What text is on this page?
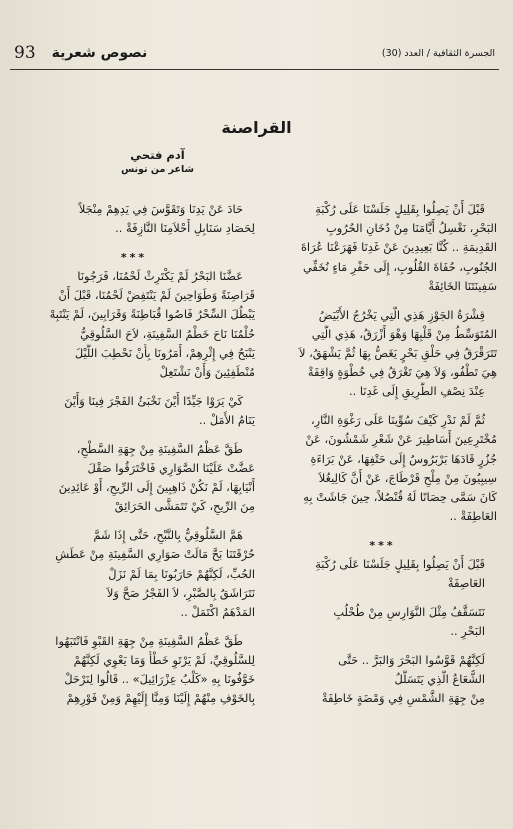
93 نصوص شعرية	الجسرة الثقافية / العدد (30)
القراصنة
آدم فتحي
شاعر من تونس
قَبْلَ أَنْ يَصِلُوا بِقَلِيلٍ جَلَسْنَا عَلَى رُكْبَةِ
البَحْرِ، نَغْسِلُ أَيَّامَنَا مِنْ دُخَانِ الحُرُوبِ
القَدِيمَةِ .. كُنَّا بَعِيدِينَ عَنْ غَدِنَا فَهَرَعْنَا عُرَاةَ
الجُنُوبِ، حُفَاةَ القُلُوبِ، إِلَى حَفْرِ مَاءٍ نُخَفِّي
سَفِينَتَنَا الخَائِفَةْ
قِشْرَةُ الجَوْزِ هَذِي الَّتِي يَخْرُجُ الأَبْيَضُ
المُتَوَسِّطُ مِنْ قَلْبِهَا وَهْوَ أَزْرَقُ، هَذِي الَّتِي
تَتَرَقْرَقُ فِي حَلْقِ بَحْرٍ يَغَصُّ بِهَا ثُمَّ يَشْهَقُ، لاَ
هِيَ تَطْفُو، وَلاَ هِيَ تَغْرَقُ فِي خُطْوَةٍ وَاقِفَةْ
عِنْدَ نِصْفِ الطَّرِيقِ إِلَى غَدِنَا ..
ثُمَّ لَمْ نَدْرِ كَيْفَ سُوِّينَا عَلَى رَغْوَةِ النَّارِ،
مُخْتَرِعِينَ أَسَاطِيرَ عَنْ شَعْرِ شَمْشُونَ، عَنْ
جُزُرٍ قَادَهَا بَرْبَرُوسُ إِلَى حَتْفِهَا، عَنْ بَرَاءَةِ
سِيبِيُونَ مِنْ مِلْحِ قَرْطَاجَ، عَنْ أَنَّ كَالِيغُلاَ
كَانَ سَمَّى حِصَانًا لَهُ قُنْصُلاً، حِينَ جَاشَتْ بِهِ
العَاطِفَةْ ..
***
قَبْلَ أَنْ يَصِلُوا بِقَلِيلٍ جَلَسْنَا عَلَى رُكْبَةِ
العَاصِفَةْ
نَتَسَقَّفُ مِثْلَ النَّوَارِسِ مِنْ طُحْلُبِ
البَحْرِ ..
لَكِنَّهُمْ قَوَّسُوا البَحْرَ وَالبَرَّ .. حَتَّى
الشُّعَاعُ الَّذِي يَتَسَلَّلُ
مِنْ جِهَةِ الشَّمْسِ فِي وَمْضَةٍ خَاطِفَةْ
حَادَ عَنْ يَدِنَا وَتَقَوَّسَ فِي يَدِهِمْ مِنْجَلاً
لِحَصَادِ سَنَابِلِ أَحْلاَمِنَا النَّازِفَةْ ..
***
عَضَّنَا البَحْرُ لَمْ يَكْتَرِثْ لَحْمُنَا، فَرَجُونَا
قَرَاصِنَةً وَطَوَاحِينَ لَمْ يَنْتَفِضْ لَحْمُنَا، قَبْلَ أَنْ
يَبْطُلَ السِّحْرُ فَاصُوا قُبَاطِنَةً وَقَرَابِينَ، لَمْ يَنْتَبِهْ
حُلْمُنَا نَاحَ خَطْمُ السَّفِينَةِ، لاَحَ السَّلُوقِيُّ
يَنْبَحُ فِي إِثْرِهِمْ، أَمَرُونَا بِأَنْ نَحْطِبَ اللَّيْلَ
مُنْطَفِئِينَ وَأَنْ نَشْتَعِلْ
كَيْ يَرَوْا جَيِّدًا أَيْنَ نَخْبَئُ الفَجْرَ فِينَا وَأَيْنَ
يَنَامُ الأَمَلْ ..
طَقَّ عَظْمُ السَّفِينَةِ مِنْ جِهَةِ السَّطْحِ،
عَضَّتْ عَلَيْنَا الصَّوَارِي فَاخْتَرَقُوا صَقْلَ
أَنْيَابِهَا، لَمْ نَكُنْ ذَاهِبِينَ إِلَى الرِّيحِ، أَوْ عَائِدِينَ
مِنَ الرِّيحِ، كَيْ تَتَمَشَّى الحَرَائِقْ
هَمَّ السَّلُوقِيُّ بِالنَّبْحِ، حَتَّى إِذَا شَمَّ
حُرْقَتَنَا بَحَّ مَالَتْ صَوَارِي السَّفِينَةِ مِنْ عَطَشِ
الحُبِّ، لَكِنَّهُمْ حَارَبُونَا بِمَا لَمْ نَزَلْ
نَتَرَاشَقُ بِالصَّبْرِ، لاَ الفَجْرُ صَحَّ وَلاَ
المَدْهَمُ اكْتَمَلْ ..
طَقَّ عَظْمُ السَّفِينَةِ مِنْ جِهَةِ القَبْوِ فَانْتَبَهُوا
لِلسَّلُوقِيِّ، لَمْ يَرْتَوِ خَطْأً وَمَا يَعْوِي لَكِنَّهُمْ
خَوَّفُونَا بِهِ «كَلْبُ عِزْرَائِيلَ» .. قَالُوا لِنَرْحَلْ
بِالخَوْفِ مِنْهُمْ إِلَيْنَا وَمِنَّا إِلَيْهِمْ وَمِنْ فَوْرِهِمْ
